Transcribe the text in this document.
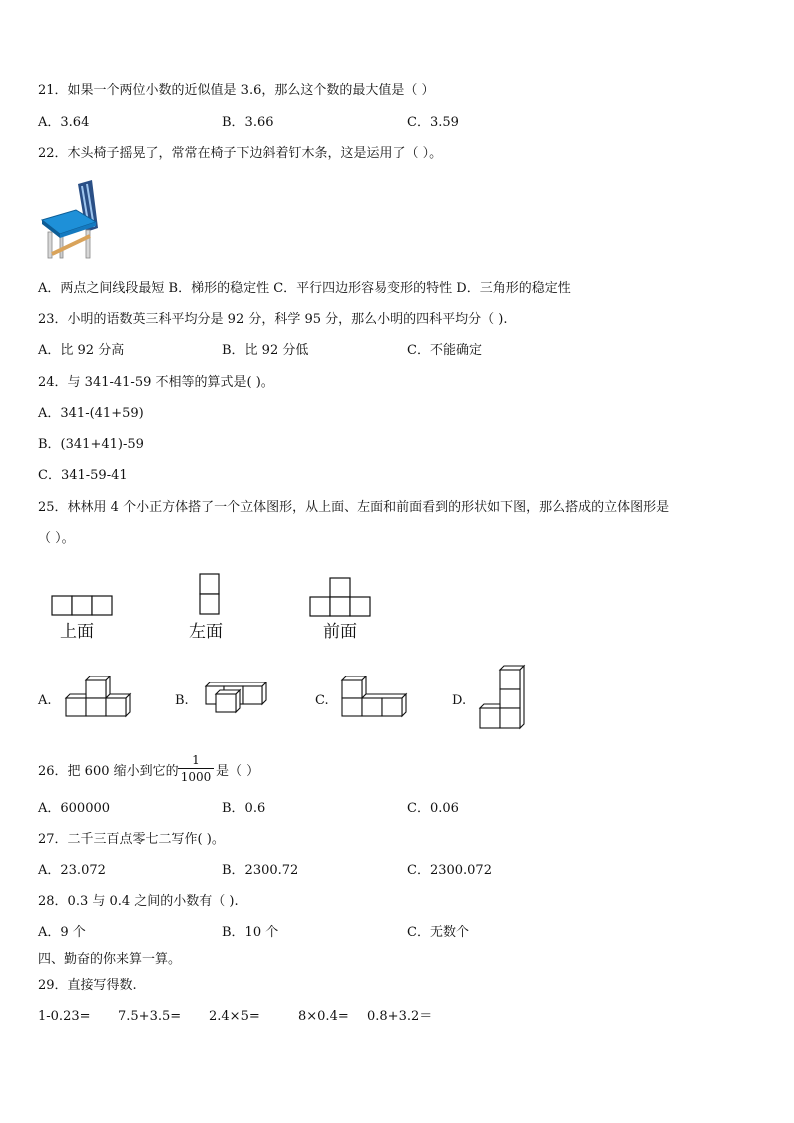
21．如果一个两位小数的近似值是 3.6，那么这个数的最大值是（ ）
A．3.64	B．3.66	C．3.59
22．木头椅子摇晃了，常常在椅子下边斜着钉木条，这是运用了（ ）。
A．两点之间线段最短 B．梯形的稳定性 C．平行四边形容易变形的特性 D．三角形的稳定性
23．小明的语数英三科平均分是 92 分，科学 95 分，那么小明的四科平均分（ ).
A．比 92 分高	B．比 92 分低	C．不能确定
24．与 341-41-59 不相等的算式是( )。
A．341-(41+59)
B．(341+41)-59
C．341-59-41
25．林林用 4 个小正方体搭了一个立体图形，从上面、左面和前面看到的形状如下图，那么搭成的立体图形是
（ ）。
上面	左面	前面
A.	B.	C.	D.
26．把 600 缩小到它的
1
1000 是（ ）
A．600000	B．0.6	C．0.06
27．二千三百点零七二写作( )。
A．23.072	B．2300.72	C．2300.072
28．0.3 与 0.4 之间的小数有（ ).
A．9 个	B．10 个	C．无数个
四、勤奋的你来算一算。
29．直接写得数.
1-0.23= 7.5+3.5= 2.4×5=	8×0.4= 0.8+3.2＝
